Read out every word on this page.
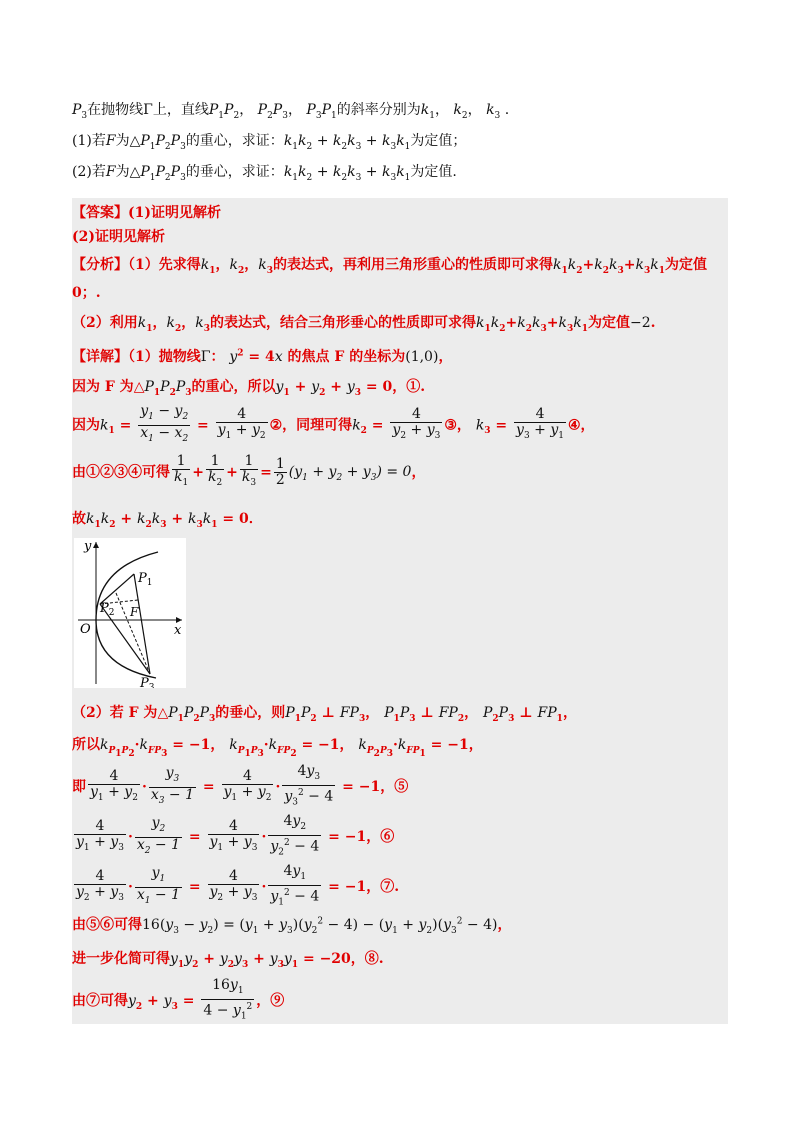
$P_3$在抛物线Γ上，直线$P_1P_2$， $P_2P_3$， $P_3P_1$的斜率分别为$k_1$， $k_2$， $k_3$ .
(1)若F为$\triangle P_1P_2P_3$的重心，求证：$k_1k_2 + k_2k_3 + k_3k_1$为定值；
(2)若F为$\triangle P_1P_2P_3$的垂心，求证：$k_1k_2 + k_2k_3 + k_3k_1$为定值.
【答案】(1)证明见解析
(2)证明见解析
【分析】（1）先求得$k_1$，$k_2$，$k_3$的表达式，再利用三角形重心的性质即可求得$k_1k_2+k_2k_3+k_3k_1$为定值
0；.
（2）利用$k_1$，$k_2$，$k_3$的表达式，结合三角形垂心的性质即可求得$k_1k_2+k_2k_3+k_3k_1$为定值−2.
【详解】（1）抛物线Γ： $y^2 = 4x$ 的焦点 F 的坐标为(1,0)，
因为 F 为$\triangle P_1P_2P_3$的重心，所以$y_1 + y_2 + y_3 = 0$，①.
因为$k_1 = \frac{y_1 - y_2}{x_1 - x_2} = \frac{4}{y_1 + y_2}$ ②，同理可得$k_2 = \frac{4}{y_2 + y_3}$ ③， $k_3 = \frac{4}{y_3 + y_1}$ ④，
由①②③④可得 $\frac{1}{k_1} + \frac{1}{k_2} + \frac{1}{k_3} = \frac{1}{2} (y_1 + y_2 + y_3) = 0$，
故$k_1k_2 + k_2k_3 + k_3k_1 = 0$．
y
x
O
F
$P_1$
$P_2$
$P_3$
（2）若 F 为$\triangle P_1P_2P_3$的垂心，则$P_1P_2$ ⊥ $FP_3$， $P_1P_3$ ⊥ $FP_2$， $P_2P_3$ ⊥ $FP_1$，
所以$k_{P_1P_2}\cdot k_{FP_3} = -1$， $k_{P_1P_3}\cdot k_{FP_2} = -1$， $k_{P_2P_3}\cdot k_{FP_1} = -1$，
即 $\frac{4}{y_1 + y_2} \cdot \frac{y_3}{x_3 - 1} = \frac{4}{y_1 + y_2} \cdot \frac{4y_3}{y_3^2 - 4} = -1$，⑤
$\frac{4}{y_1 + y_3} \cdot \frac{y_2}{x_2 - 1} = \frac{4}{y_1 + y_3} \cdot \frac{4y_2}{y_2^2 - 4} = -1$，⑥
$\frac{4}{y_2 + y_3} \cdot \frac{y_1}{x_1 - 1} = \frac{4}{y_2 + y_3} \cdot \frac{4y_1}{y_1^2 - 4} = -1$，⑦.
由⑤⑥可得$16(y_3 - y_2) = (y_1 + y_3)(y_2^2 - 4) - (y_1 + y_2)(y_3^2 - 4)$，
进一步化简可得$y_1y_2 + y_2y_3 + y_3y_1 = -20$，⑧.
由⑦可得$y_2 + y_3 = \frac{16y_1}{4 - y_1^2}$ ，⑨
